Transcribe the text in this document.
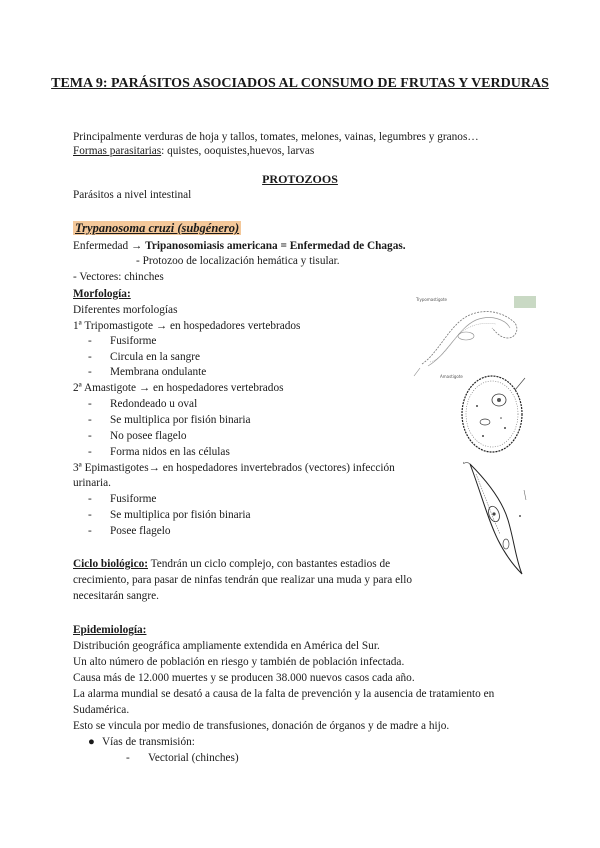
TEMA 9: PARÁSITOS ASOCIADOS AL CONSUMO DE FRUTAS Y VERDURAS
Principalmente verduras de hoja y tallos, tomates, melones, vainas, legumbres y granos…
Formas parasitarias: quistes, ooquistes,huevos, larvas
PROTOZOOS
Parásitos a nivel intestinal
Trypanosoma cruzi (subgénero)
Enfermedad → Tripanosomiasis americana = Enfermedad de Chagas.
- Protozoo de localización hemática y tisular.
- Vectores: chinches
Morfología:
Diferentes morfologías
1ª Tripomastigote → en hospedadores vertebrados
- Fusiforme
- Circula en la sangre
- Membrana ondulante
2ª Amastigote → en hospedadores vertebrados
- Redondeado u oval
- Se multiplica por fisión binaria
- No posee flagelo
- Forma nidos en las células
3ª Epimastigotes→ en hospedadores invertebrados (vectores) infección
urinaria.
- Fusiforme
- Se multiplica por fisión binaria
- Posee flagelo
Ciclo biológico: Tendrán un ciclo complejo, con bastantes estadios de
crecimiento, para pasar de ninfas tendrán que realizar una muda y para ello
necesitarán sangre.
Epidemiología:
Distribución geográfica ampliamente extendida en América del Sur.
Un alto número de población en riesgo y también de población infectada.
Causa más de 12.000 muertes y se producen 38.000 nuevos casos cada año.
La alarma mundial se desató a causa de la falta de prevención y la ausencia de tratamiento en
Sudamérica.
Esto se vincula por medio de transfusiones, donación de órganos y de madre a hijo.
● Vías de transmisión:
- Vectorial (chinches)
Trypomastigote
Amastigote
